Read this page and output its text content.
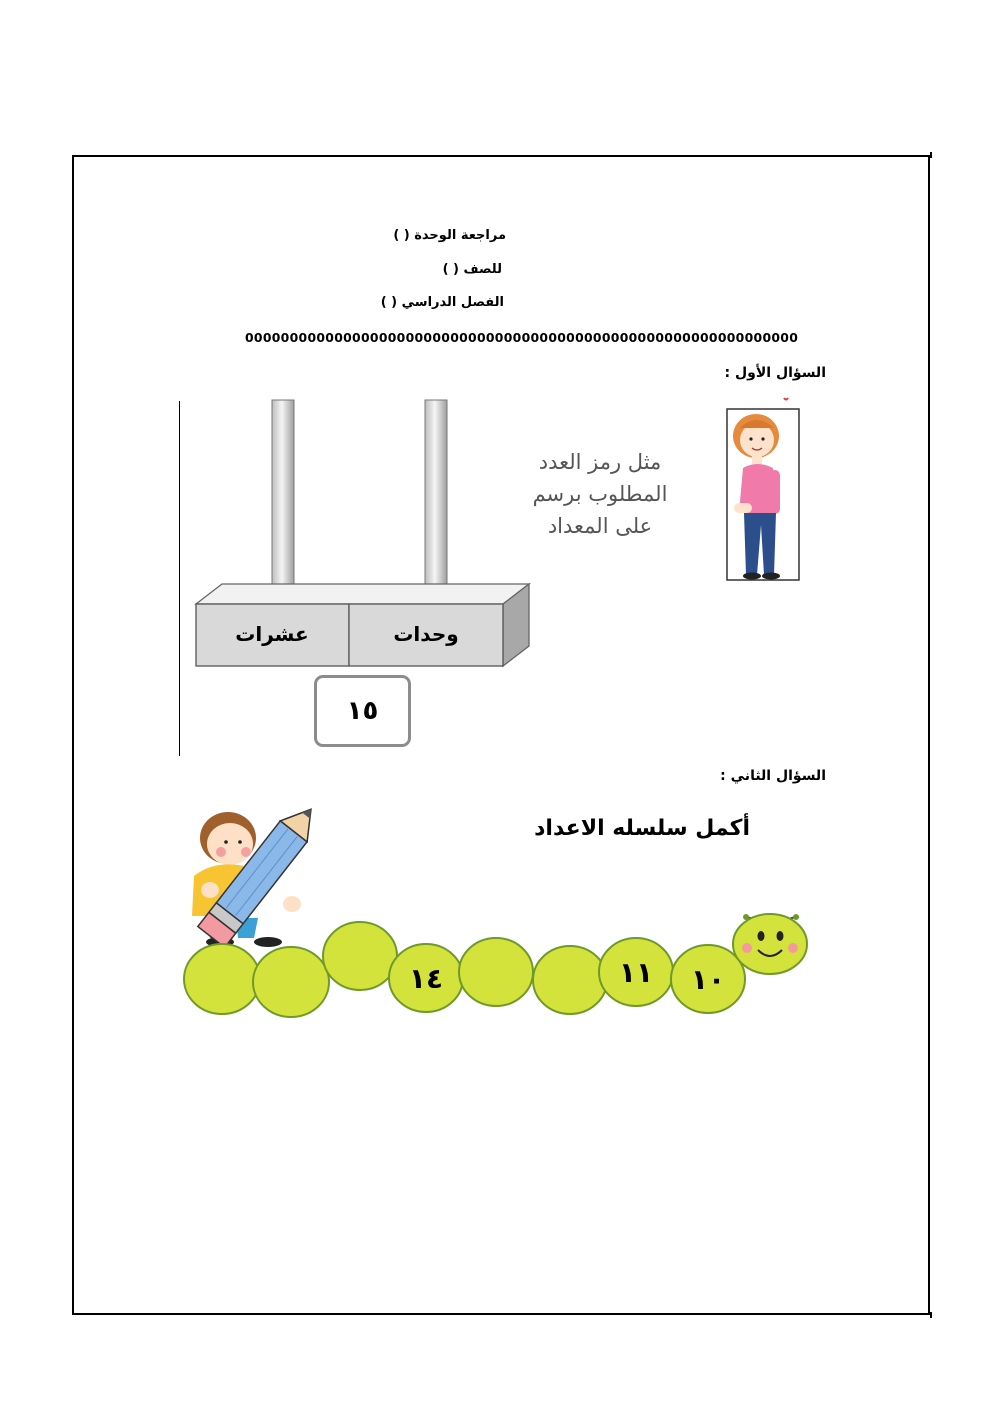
مراجعة الوحدة ( )
للصف ( )
الفصل الدراسي ( )
00000000000000000000000000000000000000000000000000000000000000
السؤال الأول :
مثل رمز العدد
المطلوب برسم
على المعداد
عشرات	وحدات
١٥
السؤال الثاني :
أكمل سلسله الاعداد
١٤	١١ ١٠
